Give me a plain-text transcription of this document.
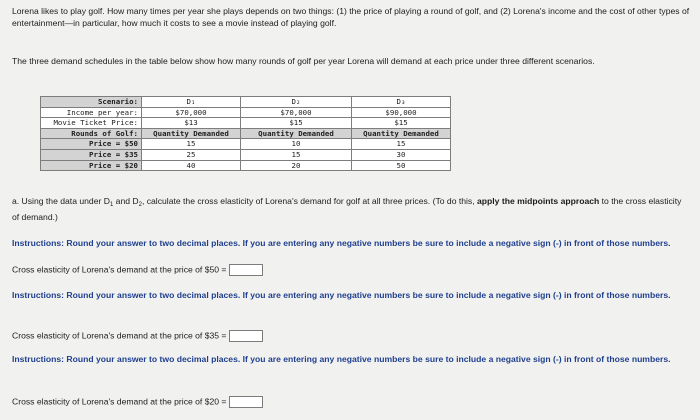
Lorena likes to play golf. How many times per year she plays depends on two things: (1) the price of playing a round of golf, and (2) Lorena's income and the cost of other types of entertainment—in particular, how much it costs to see a movie instead of playing golf.

The three demand schedules in the table below show how many rounds of golf per year Lorena will demand at each price under three different scenarios.

Scenario:	D₁	D₂	D₃
Income per year:	$70,000	$70,000	$90,000
Movie Ticket Price:	$13	$15	$15
Rounds of Golf:	Quantity Demanded	Quantity Demanded	Quantity Demanded
Price = $50	15	10	15
Price = $35	25	15	30
Price = $20	40	20	50

a. Using the data under $D_1$ and $D_2$, calculate the cross elasticity of Lorena's demand for golf at all three prices. (To do this, apply the midpoints approach to the cross elasticity of demand.)

Instructions: Round your answer to two decimal places. If you are entering any negative numbers be sure to include a negative sign (-) in front of those numbers.

Cross elasticity of Lorena's demand at the price of $50 =

Instructions: Round your answer to two decimal places. If you are entering any negative numbers be sure to include a negative sign (-) in front of those numbers.

Cross elasticity of Lorena's demand at the price of $35 =

Instructions: Round your answer to two decimal places. If you are entering any negative numbers be sure to include a negative sign (-) in front of those numbers.

Cross elasticity of Lorena's demand at the price of $20 =
